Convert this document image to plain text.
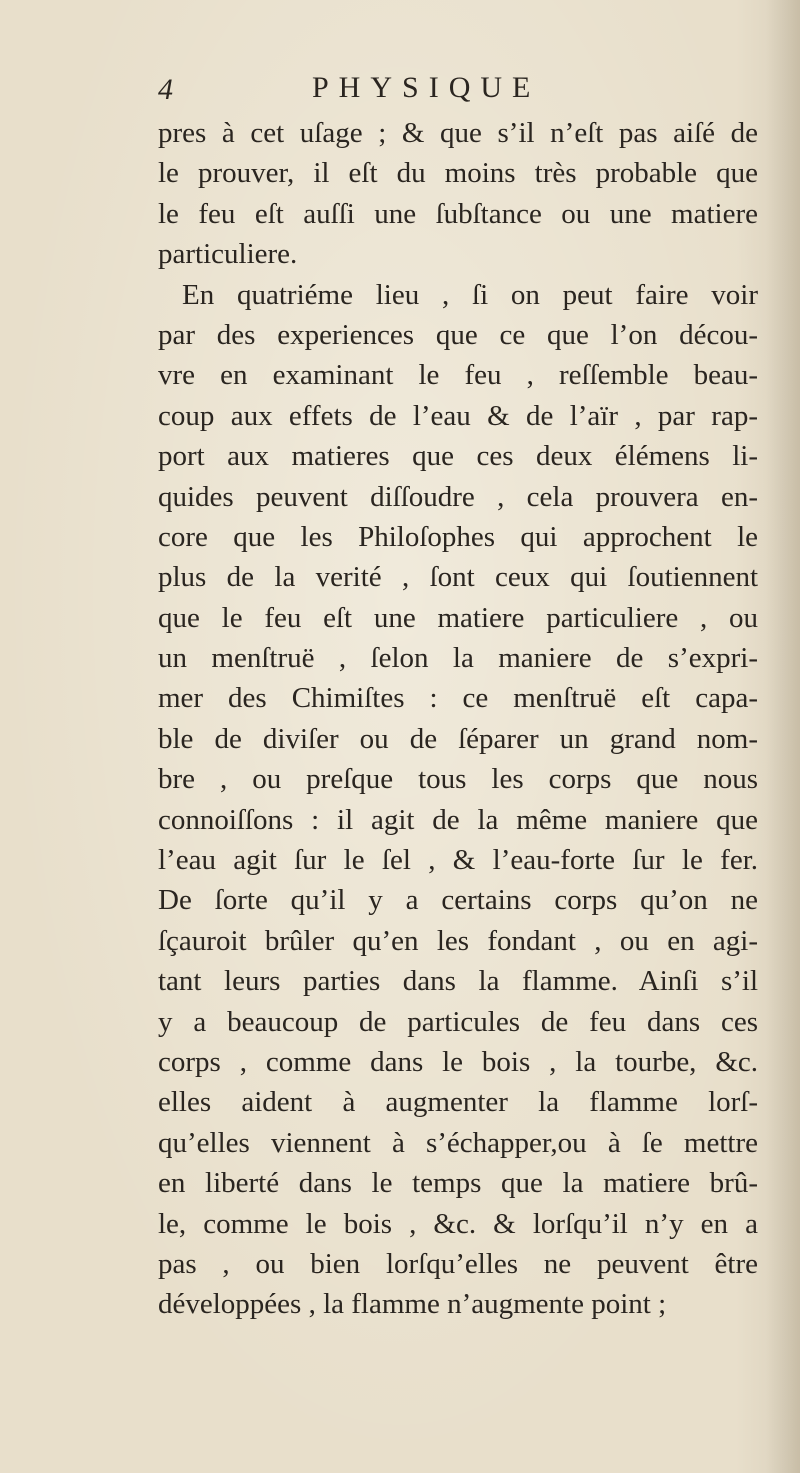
4	PHYSIQUE
pres à cet uſage ; & que s’il n’eſt pas aiſé de
le prouver, il eſt du moins très probable que
le feu eſt auſſi une ſubſtance ou une matiere
particuliere.
En quatriéme lieu , ſi on peut faire voir
par des experiences que ce que l’on décou-
vre en examinant le feu , reſſemble beau-
coup aux effets de l’eau & de l’aïr , par rap-
port aux matieres que ces deux élémens li-
quides peuvent diſſoudre , cela prouvera en-
core que les Philoſophes qui approchent le
plus de la verité , ſont ceux qui ſoutiennent
que le feu eſt une matiere particuliere , ou
un menſtruë , ſelon la maniere de s’expri-
mer des Chimiſtes : ce menſtruë eſt capa-
ble de diviſer ou de ſéparer un grand nom-
bre , ou preſque tous les corps que nous
connoiſſons : il agit de la même maniere que
l’eau agit ſur le ſel , & l’eau-forte ſur le fer.
De ſorte qu’il y a certains corps qu’on ne
ſçauroit brûler qu’en les fondant , ou en agi-
tant leurs parties dans la flamme. Ainſi s’il
y a beaucoup de particules de feu dans ces
corps , comme dans le bois , la tourbe, &c.
elles aident à augmenter la flamme lorſ-
qu’elles viennent à s’échapper,ou à ſe mettre
en liberté dans le temps que la matiere brû-
le, comme le bois , &c. & lorſqu’il n’y en a
pas , ou bien lorſqu’elles ne peuvent être
développées , la flamme n’augmente point ;
